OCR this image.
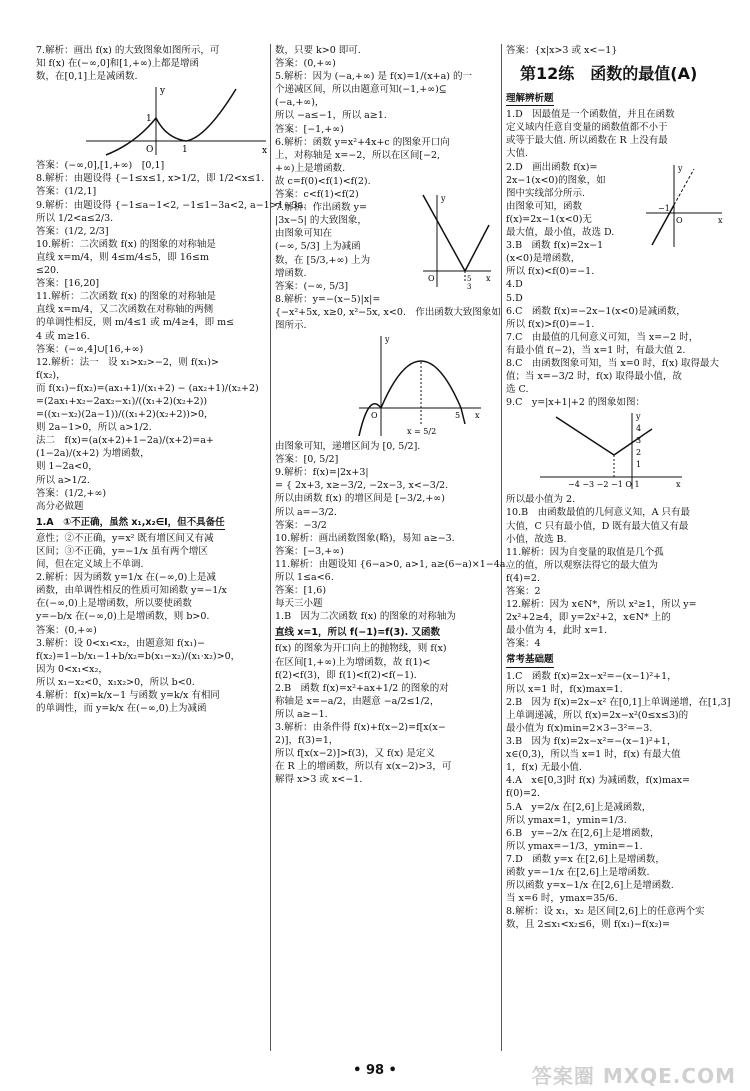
7.解析：画出 f(x) 的大致图象如图所示，可
知 f(x) 在(−∞,0]和[1,+∞)上都是增函
数，在[0,1]上是减函数.
y
x
O	1
1
答案：(−∞,0],[1,+∞)　[0,1]
8.解析：由题设得 {−1≤x≤1, x>1/2，即 1/2<x≤1.
答案：(1/2,1]
9.解析：由题设得 {−1≤a−1<2, −1≤1−3a<2, a−1>1−3a.
所以 1/2<a≤2/3.
答案：(1/2, 2/3]
10.解析：二次函数 f(x) 的图象的对称轴是
直线 x=m/4，则 4≤m/4≤5，即 16≤m
≤20.
答案：[16,20]
11.解析：二次函数 f(x) 的图象的对称轴是
直线 x=m/4，又二次函数在对称轴的两侧
的单调性相反，则 m/4≤1 或 m/4≥4，即 m≤
4 或 m≥16.
答案：(−∞,4]∪[16,+∞)
12.解析：法一　设 x₁>x₂>−2，则 f(x₁)>
f(x₂)，
而 f(x₁)−f(x₂)=(ax₁+1)/(x₁+2) − (ax₂+1)/(x₂+2)
=(2ax₁+x₂−2ax₂−x₁)/((x₁+2)(x₂+2))
=((x₁−x₂)(2a−1))/((x₁+2)(x₂+2))>0，
则 2a−1>0，所以 a>1/2.
法二　f(x)=(a(x+2)+1−2a)/(x+2)=a+
(1−2a)/(x+2) 为增函数，
则 1−2a<0，
所以 a>1/2.
答案：(1/2,+∞)
高分必做题
1.A　①不正确，虽然 x₁,x₂∈I，但不具备任
意性；②不正确，y=x² 既有增区间又有减
区间；③不正确，y=−1/x 虽有两个增区
间，但在定义域上不单调.
2.解析：因为函数 y=1/x 在(−∞,0)上是减
函数，由单调性相反的性质可知函数 y=−1/x
在(−∞,0)上是增函数，所以要使函数
y=−b/x 在(−∞,0)上是增函数，则 b>0.
答案：(0,+∞)
3.解析：设 0<x₁<x₂，由题意知 f(x₁)−
f(x₂)=1−b/x₁−1+b/x₂=b(x₁−x₂)/(x₁·x₂)>0，
因为 0<x₁<x₂，
所以 x₁−x₂<0，x₁x₂>0，所以 b<0.
4.解析：f(x)=k/x−1 与函数 y=k/x 有相同
的单调性，而 y=k/x 在(−∞,0)上为减函
数，只要 k>0 即可.
答案：(0,+∞)
5.解析：因为 (−a,+∞) 是 f(x)=1/(x+a) 的一
个递减区间，所以由题意可知(−1,+∞)⊆
(−a,+∞)，
所以 −a≤−1，所以 a≥1.
答案：[−1,+∞)
6.解析：函数 y=x²+4x+c 的图象开口向
上，对称轴是 x=−2，所以在区间[−2,
+∞)上是增函数.
故 c=f(0)<f(1)<f(2).
答案：c<f(1)<f(2)
7.解析：作出函数 y=
|3x−5| 的大致图象，
由图象可知在
(−∞, 5/3] 上为减函
数，在 [5/3,+∞) 上为
增函数.
答案：(−∞, 5/3]
y
x
O	5
3
8.解析：y=−(x−5)|x|=
{−x²+5x, x≥0, x²−5x, x<0.　作出函数大致图象如
图所示.
y
x
O	5
x = 5/2
由图象可知，递增区间为 [0, 5/2].
答案：[0, 5/2]
9.解析：f(x)=|2x+3|
= { 2x+3, x≥−3/2, −2x−3, x<−3/2.
所以由函数 f(x) 的增区间是 [−3/2,+∞)
所以 a=−3/2.
答案：−3/2
10.解析：画出函数图象(略)，易知 a≥−3.
答案：[−3,+∞)
11.解析：由题设知 {6−a>0, a>1, a≥(6−a)×1−4a.
所以 1≤a<6.
答案：[1,6)
每天三小题
1.B　因为二次函数 f(x) 的图象的对称轴为
直线 x=1，所以 f(−1)=f(3). 又函数
f(x) 的图象为开口向上的抛物线，则 f(x)
在区间[1,+∞)上为增函数，故 f(1)<
f(2)<f(3)，即 f(1)<f(2)<f(−1).
2.B　函数 f(x)=x²+ax+1/2 的图象的对
称轴是 x=−a/2，由题意 −a/2≤1/2，
所以 a≥−1.
3.解析：由条件得 f(x)+f(x−2)=f[x(x−
2)]，f(3)=1，
所以 f[x(x−2)]>f(3)，又 f(x) 是定义
在 R 上的增函数，所以有 x(x−2)>3，可
解得 x>3 或 x<−1.
答案：{x|x>3 或 x<−1}
第12练　函数的最值(A)
理解辨析题
1.D　因最值是一个函数值，并且在函数
定义域内任意自变量的函数值都不小于
或等于最大值. 所以函数在 R 上没有最
大值.
2.D　画出函数 f(x)=
2x−1(x<0)的图象，如
图中实线部分所示.
由图象可知，函数
f(x)=2x−1(x<0)无
最大值，最小值，故选 D.
3.B　函数 f(x)=2x−1
(x<0)是增函数，
所以 f(x)<f(0)=−1.
y
x
O
−1
4.D
5.D
6.C　函数 f(x)=−2x−1(x<0)是减函数，
所以 f(x)>f(0)=−1.
7.C　由最值的几何意义可知，当 x=−2 时，
有最小值 f(−2)，当 x=1 时，有最大值 2.
8.C　由函数图象可知，当 x=0 时，f(x) 取得最大
值；当 x=−3/2 时，f(x) 取得最小值，故
选 C.
9.C　y=|x+1|+2 的图象如图：
y
x
−4 −3 −2 −1 O 1
4
3
2
1
所以最小值为 2.
10.B　由函数最值的几何意义知，A 只有最
大值，C 只有最小值，D 既有最大值又有最
小值，故选 B.
11.解析：因为自变量的取值是几个孤
立的值，所以观察法得它的最大值为
f(4)=2.
答案：2
12.解析：因为 x∈N*，所以 x²≥1，所以 y=
2x²+2≥4，即 y=2x²+2，x∈N* 上的
最小值为 4，此时 x=1.
答案：4
常考基础题
1.C　函数 f(x)=2x−x²=−(x−1)²+1，
所以 x=1 时，f(x)max=1.
2.B　因为 f(x)=2x−x² 在[0,1]上单调递增，在[1,3]
上单调递减，所以 f(x)=2x−x²(0≤x≤3)的
最小值为 f(x)min=2×3−3²=−3.
3.B　因为 f(x)=2x−x²=−(x−1)²+1，
x∈(0,3)，所以当 x=1 时，f(x) 有最大值
1，f(x) 无最小值.
4.A　x∈[0,3]时 f(x) 为减函数，f(x)max=
f(0)=2.
5.A　y=2/x 在[2,6]上是减函数，
所以 ymax=1，ymin=1/3.
6.B　y=−2/x 在[2,6]上是增函数，
所以 ymax=−1/3，ymin=−1.
7.D　函数 y=x 在[2,6]上是增函数，
函数 y=−1/x 在[2,6]上是增函数.
所以函数 y=x−1/x 在[2,6]上是增函数.
当 x=6 时，ymax=35/6.
8.解析：设 x₁，x₂ 是区间[2,6]上的任意两个实
数，且 2≤x₁<x₂≤6，则 f(x₁)−f(x₂)=
• 98 •	答案圈 MXQE.COM
